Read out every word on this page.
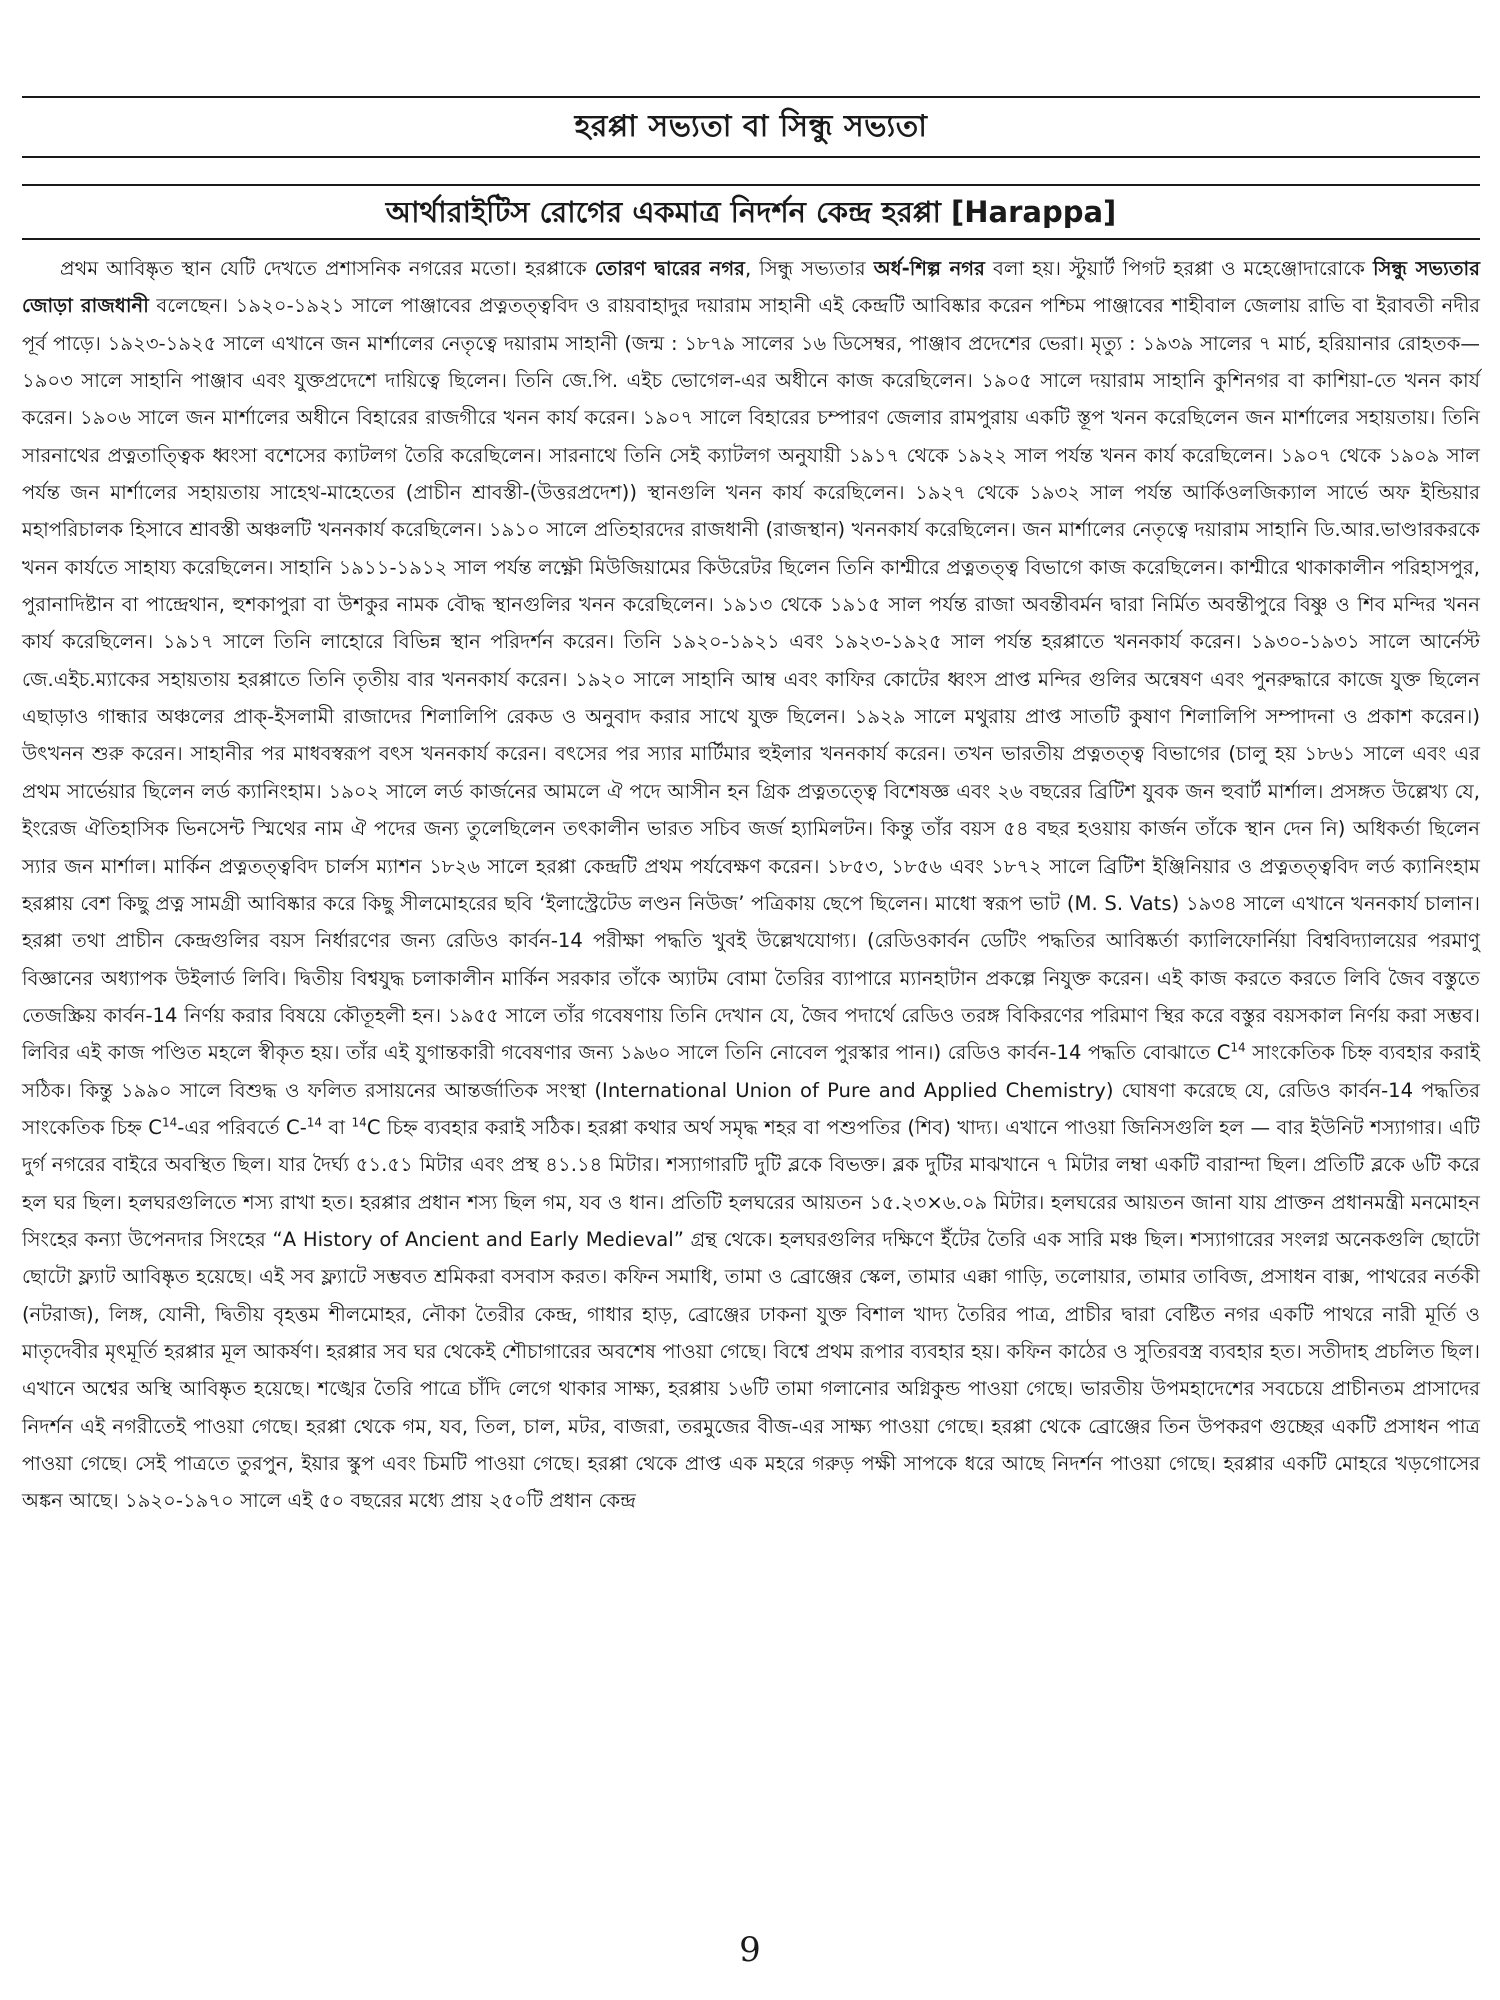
হরপ্পা সভ্যতা বা সিন্ধু সভ্যতা
আর্থারাইটিস রোগের একমাত্র নিদর্শন কেন্দ্র হরপ্পা [Harappa]

প্রথম আবিষ্কৃত স্থান যেটি দেখতে প্রশাসনিক নগরের মতো। হরপ্পাকে তোরণ দ্বারের নগর, সিন্ধু সভ্যতার অর্ধ-শিল্প নগর বলা হয়। স্টুয়ার্ট পিগট হরপ্পা ও মহেঞ্জোদারোকে সিন্ধু সভ্যতার জোড়া রাজধানী বলেছেন। ১৯২০-১৯২১ সালে পাঞ্জাবের প্রত্নতত্ত্ববিদ ও রায়বাহাদুর দয়ারাম সাহানী এই কেন্দ্রটি আবিষ্কার করেন পশ্চিম পাঞ্জাবের শাহীবাল জেলায় রাভি বা ইরাবতী নদীর পূর্ব পাড়ে। ১৯২৩-১৯২৫ সালে এখানে জন মার্শালের নেতৃত্বে দয়ারাম সাহানী (জন্ম : ১৮৭৯ সালের ১৬ ডিসেম্বর, পাঞ্জাব প্রদেশের ভেরা। মৃত্যু : ১৯৩৯ সালের ৭ মার্চ, হরিয়ানার রোহতক—১৯০৩ সালে সাহানি পাঞ্জাব এবং যুক্তপ্রদেশে দায়িত্বে ছিলেন। তিনি জে.পি. এইচ ভোগেল-এর অধীনে কাজ করেছিলেন। ১৯০৫ সালে দয়ারাম সাহানি কুশিনগর বা কাশিয়া-তে খনন কার্য করেন। ১৯০৬ সালে জন মার্শালের অধীনে বিহারের রাজগীরে খনন কার্য করেন। ১৯০৭ সালে বিহারের চম্পারণ জেলার রামপুরায় একটি স্তূপ খনন করেছিলেন জন মার্শালের সহায়তায়। তিনি সারনাথের প্রত্নতাত্ত্বিক ধ্বংসা বশেসের ক্যাটলগ তৈরি করেছিলেন। সারনাথে তিনি সেই ক্যাটলগ অনুযায়ী ১৯১৭ থেকে ১৯২২ সাল পর্যন্ত খনন কার্য করেছিলেন। ১৯০৭ থেকে ১৯০৯ সাল পর্যন্ত জন মার্শালের সহায়তায় সাহেথ-মাহেতের (প্রাচীন শ্রাবস্তী-(উত্তরপ্রদেশ)) স্থানগুলি খনন কার্য করেছিলেন। ১৯২৭ থেকে ১৯৩২ সাল পর্যন্ত আর্কিওলজিক্যাল সার্ভে অফ ইন্ডিয়ার মহাপরিচালক হিসাবে শ্রাবস্তী অঞ্চলটি খননকার্য করেছিলেন। ১৯১০ সালে প্রতিহারদের রাজধানী (রাজস্থান) খননকার্য করেছিলেন। জন মার্শালের নেতৃত্বে দয়ারাম সাহানি ডি.আর.ভাণ্ডারকরকে খনন কার্যতে সাহায্য করেছিলেন। সাহানি ১৯১১-১৯১২ সাল পর্যন্ত লক্ষ্ণৌ মিউজিয়ামের কিউরেটর ছিলেন তিনি কাশ্মীরে প্রত্নতত্ত্ব বিভাগে কাজ করেছিলেন। কাশ্মীরে থাকাকালীন পরিহাসপুর, পুরানাদিষ্টান বা পান্দ্রেথান, হুশকাপুরা বা উশকুর নামক বৌদ্ধ স্থানগুলির খনন করেছিলেন। ১৯১৩ থেকে ১৯১৫ সাল পর্যন্ত রাজা অবন্তীবর্মন দ্বারা নির্মিত অবন্তীপুরে বিষ্ণু ও শিব মন্দির খনন কার্য করেছিলেন। ১৯১৭ সালে তিনি লাহোরে বিভিন্ন স্থান পরিদর্শন করেন। তিনি ১৯২০-১৯২১ এবং ১৯২৩-১৯২৫ সাল পর্যন্ত হরপ্পাতে খননকার্য করেন। ১৯৩০-১৯৩১ সালে আর্নেস্ট জে.এইচ.ম্যাকের সহায়তায় হরপ্পাতে তিনি তৃতীয় বার খননকার্য করেন। ১৯২০ সালে সাহানি আম্ব এবং কাফির কোটের ধ্বংস প্রাপ্ত মন্দির গুলির অন্বেষণ এবং পুনরুদ্ধারে কাজে যুক্ত ছিলেন এছাড়াও গান্ধার অঞ্চলের প্রাক্-ইসলামী রাজাদের শিলালিপি রেকড ও অনুবাদ করার সাথে যুক্ত ছিলেন। ১৯২৯ সালে মথুরায় প্রাপ্ত সাতটি কুষাণ শিলালিপি সম্পাদনা ও প্রকাশ করেন।) উৎখনন শুরু করেন। সাহানীর পর মাধবস্বরূপ বৎস খননকার্য করেন। বৎসের পর স্যার মার্টিমার হুইলার খননকার্য করেন। তখন ভারতীয় প্রত্নতত্ত্ব বিভাগের (চালু হয় ১৮৬১ সালে এবং এর প্রথম সার্ভেয়ার ছিলেন লর্ড ক্যানিংহাম। ১৯০২ সালে লর্ড কার্জনের আমলে ঐ পদে আসীন হন গ্রিক প্রত্নতত্ত্বে বিশেষজ্ঞ এবং ২৬ বছরের ব্রিটিশ যুবক জন হুবার্ট মার্শাল। প্রসঙ্গত উল্লেখ্য যে, ইংরেজ ঐতিহাসিক ভিনসেন্ট স্মিথের নাম ঐ পদের জন্য তুলেছিলেন তৎকালীন ভারত সচিব জর্জ হ্যামিলটন। কিন্তু তাঁর বয়স ৫৪ বছর হওয়ায় কার্জন তাঁকে স্থান দেন নি) অধিকর্তা ছিলেন স্যার জন মার্শাল। মার্কিন প্রত্নতত্ত্ববিদ চার্লস ম্যাশন ১৮২৬ সালে হরপ্পা কেন্দ্রটি প্রথম পর্যবেক্ষণ করেন। ১৮৫৩, ১৮৫৬ এবং ১৮৭২ সালে ব্রিটিশ ইঞ্জিনিয়ার ও প্রত্নতত্ত্ববিদ লর্ড ক্যানিংহাম হরপ্পায় বেশ কিছু প্রত্ন সামগ্রী আবিষ্কার করে কিছু সীলমোহরের ছবি ‘ইলাস্ট্রেটেড লণ্ডন নিউজ’ পত্রিকায় ছেপে ছিলেন। মাধো স্বরূপ ভাট (M. S. Vats) ১৯৩৪ সালে এখানে খননকার্য চালান। হরপ্পা তথা প্রাচীন কেন্দ্রগুলির বয়স নির্ধারণের জন্য রেডিও কার্বন-14 পরীক্ষা পদ্ধতি খুবই উল্লেখযোগ্য। (রেডিওকার্বন ডেটিং পদ্ধতির আবিষ্কর্তা ক্যালিফোর্নিয়া বিশ্ববিদ্যালয়ের পরমাণু বিজ্ঞানের অধ্যাপক উইলার্ড লিবি। দ্বিতীয় বিশ্বযুদ্ধ চলাকালীন মার্কিন সরকার তাঁকে অ্যাটম বোমা তৈরির ব্যাপারে ম্যানহাটান প্রকল্পে নিযুক্ত করেন। এই কাজ করতে করতে লিবি জৈব বস্তুতে তেজস্ক্রিয় কার্বন-14 নির্ণয় করার বিষয়ে কৌতূহলী হন। ১৯৫৫ সালে তাঁর গবেষণায় তিনি দেখান যে, জৈব পদার্থে রেডিও তরঙ্গ বিকিরণের পরিমাণ স্থির করে বস্তুর বয়সকাল নির্ণয় করা সম্ভব। লিবির এই কাজ পণ্ডিত মহলে স্বীকৃত হয়। তাঁর এই যুগান্তকারী গবেষণার জন্য ১৯৬০ সালে তিনি নোবেল পুরস্কার পান।) রেডিও কার্বন-14 পদ্ধতি বোঝাতে $C^{14}$ সাংকেতিক চিহ্ন ব্যবহার করাই সঠিক। কিন্তু ১৯৯০ সালে বিশুদ্ধ ও ফলিত রসায়নের আন্তর্জাতিক সংস্থা (International Union of Pure and Applied Chemistry) ঘোষণা করেছে যে, রেডিও কার্বন-14 পদ্ধতির সাংকেতিক চিহ্ন $C^{14}-এর$ পরিবর্তে C-$^{14}$ বা $^{14}$C চিহ্ন ব্যবহার করাই সঠিক। হরপ্পা কথার অর্থ সমৃদ্ধ শহর বা পশুপতির (শিব) খাদ্য। এখানে পাওয়া জিনিসগুলি হল — বার ইউনিট শস্যাগার। এটি দুর্গ নগরের বাইরে অবস্থিত ছিল। যার দৈর্ঘ্য ৫১.৫১ মিটার এবং প্রস্থ ৪১.১৪ মিটার। শস্যাগারটি দুটি ব্লকে বিভক্ত। ব্লক দুটির মাঝখানে ৭ মিটার লম্বা একটি বারান্দা ছিল। প্রতিটি ব্লকে ৬টি করে হল ঘর ছিল। হলঘরগুলিতে শস্য রাখা হত। হরপ্পার প্রধান শস্য ছিল গম, যব ও ধান। প্রতিটি হলঘরের আয়তন ১৫.২৩×৬.০৯ মিটার। হলঘরের আয়তন জানা যায় প্রাক্তন প্রধানমন্ত্রী মনমোহন সিংহের কন্যা উপেনদার সিংহের “A History of Ancient and Early Medieval” গ্রন্থ থেকে। হলঘরগুলির দক্ষিণে ইঁটের তৈরি এক সারি মঞ্চ ছিল। শস্যাগারের সংলগ্ন অনেকগুলি ছোটো ছোটো ফ্ল্যাট আবিষ্কৃত হয়েছে। এই সব ফ্ল্যাটে সম্ভবত শ্রমিকরা বসবাস করত। কফিন সমাধি, তামা ও ব্রোঞ্জের স্কেল, তামার এক্কা গাড়ি, তলোয়ার, তামার তাবিজ, প্রসাধন বাক্স, পাথরের নর্তকী (নটরাজ), লিঙ্গ, যোনী, দ্বিতীয় বৃহত্তম শীলমোহর, নৌকা তৈরীর কেন্দ্র, গাধার হাড়, ব্রোঞ্জের ঢাকনা যুক্ত বিশাল খাদ্য তৈরির পাত্র, প্রাচীর দ্বারা বেষ্টিত নগর একটি পাথরে নারী মূর্তি ও মাতৃদেবীর মৃৎমূর্তি হরপ্পার মূল আকর্ষণ। হরপ্পার সব ঘর থেকেই শৌচাগারের অবশেষ পাওয়া গেছে। বিশ্বে প্রথম রূপার ব্যবহার হয়। কফিন কাঠের ও সুতিরবস্ত্র ব্যবহার হত। সতীদাহ প্রচলিত ছিল। এখানে অশ্বের অস্থি আবিষ্কৃত হয়েছে। শঙ্খের তৈরি পাত্রে চাঁদি লেগে থাকার সাক্ষ্য, হরপ্পায় ১৬টি তামা গলানোর অগ্নিকুন্ড পাওয়া গেছে। ভারতীয় উপমহাদেশের সবচেয়ে প্রাচীনতম প্রাসাদের নিদর্শন এই নগরীতেই পাওয়া গেছে। হরপ্পা থেকে গম, যব, তিল, চাল, মটর, বাজরা, তরমুজের বীজ-এর সাক্ষ্য পাওয়া গেছে। হরপ্পা থেকে ব্রোঞ্জের তিন উপকরণ গুচ্ছের একটি প্রসাধন পাত্র পাওয়া গেছে। সেই পাত্রতে তুরপুন, ইয়ার স্কুপ এবং চিমটি পাওয়া গেছে। হরপ্পা থেকে প্রাপ্ত এক মহরে গরুড় পক্ষী সাপকে ধরে আছে নিদর্শন পাওয়া গেছে। হরপ্পার একটি মোহরে খড়গোসের অঙ্কন আছে। ১৯২০-১৯৭০ সালে এই ৫০ বছরের মধ্যে প্রায় ২৫০টি প্রধান কেন্দ্র

9
